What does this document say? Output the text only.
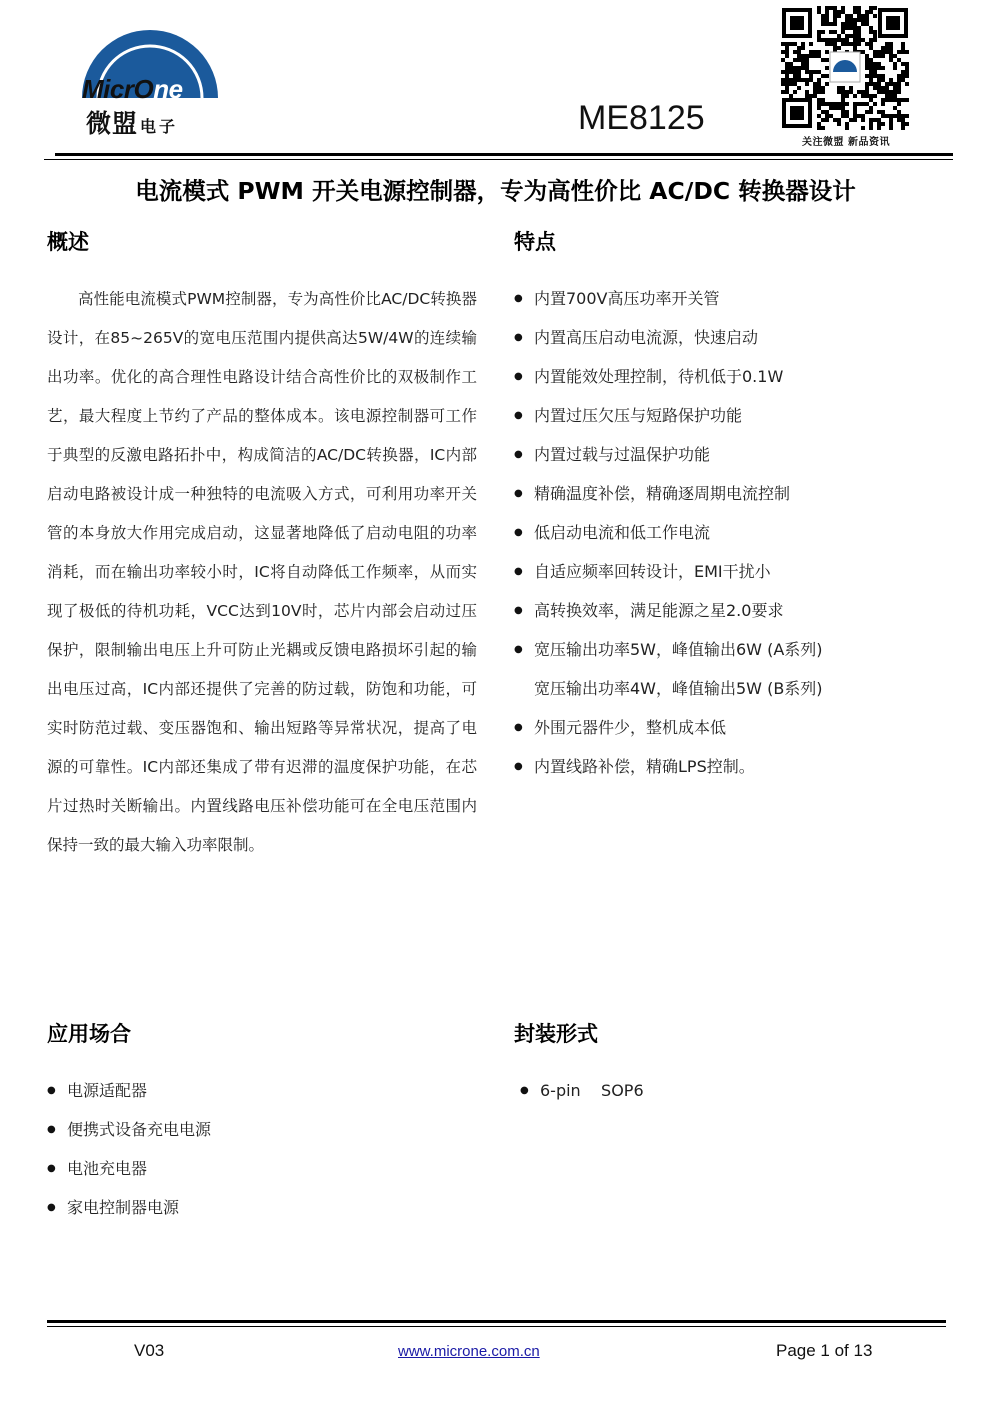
MicrOne
微盟 电子	ME8125
关注微盟 新品资讯
电流模式 PWM 开关电源控制器，专为高性价比 AC/DC 转换器设计
概述
高性能电流模式PWM控制器，专为高性价比AC/DC转换器设计，在85~265V的宽电压范围内提供高达5W/4W的连续输出功率。优化的高合理性电路设计结合高性价比的双极制作工艺，最大程度上节约了产品的整体成本。该电源控制器可工作于典型的反激电路拓扑中，构成简洁的AC/DC转换器，IC内部启动电路被设计成一种独特的电流吸入方式，可利用功率开关管的本身放大作用完成启动，这显著地降低了启动电阻的功率消耗，而在输出功率较小时，IC将自动降低工作频率，从而实现了极低的待机功耗，VCC达到10V时，芯片内部会启动过压保护，限制输出电压上升可防止光耦或反馈电路损坏引起的输出电压过高，IC内部还提供了完善的防过载，防饱和功能，可实时防范过载、变压器饱和、输出短路等异常状况，提高了电源的可靠性。IC内部还集成了带有迟滞的温度保护功能，在芯片过热时关断输出。内置线路电压补偿功能可在全电压范围内保持一致的最大输入功率限制。
特点
● 内置700V高压功率开关管
● 内置高压启动电流源，快速启动
● 内置能效处理控制，待机低于0.1W
● 内置过压欠压与短路保护功能
● 内置过载与过温保护功能
● 精确温度补偿，精确逐周期电流控制
● 低启动电流和低工作电流
● 自适应频率回转设计，EMI干扰小
● 高转换效率，满足能源之星2.0要求
● 宽压输出功率5W，峰值输出6W (A系列)
宽压输出功率4W，峰值输出5W (B系列)
● 外围元器件少，整机成本低
● 内置线路补偿，精确LPS控制。
应用场合
● 电源适配器
● 便携式设备充电电源
● 电池充电器
● 家电控制器电源
封装形式
● 6-pin    SOP6
V03	www.microne.com.cn	Page 1 of 13
